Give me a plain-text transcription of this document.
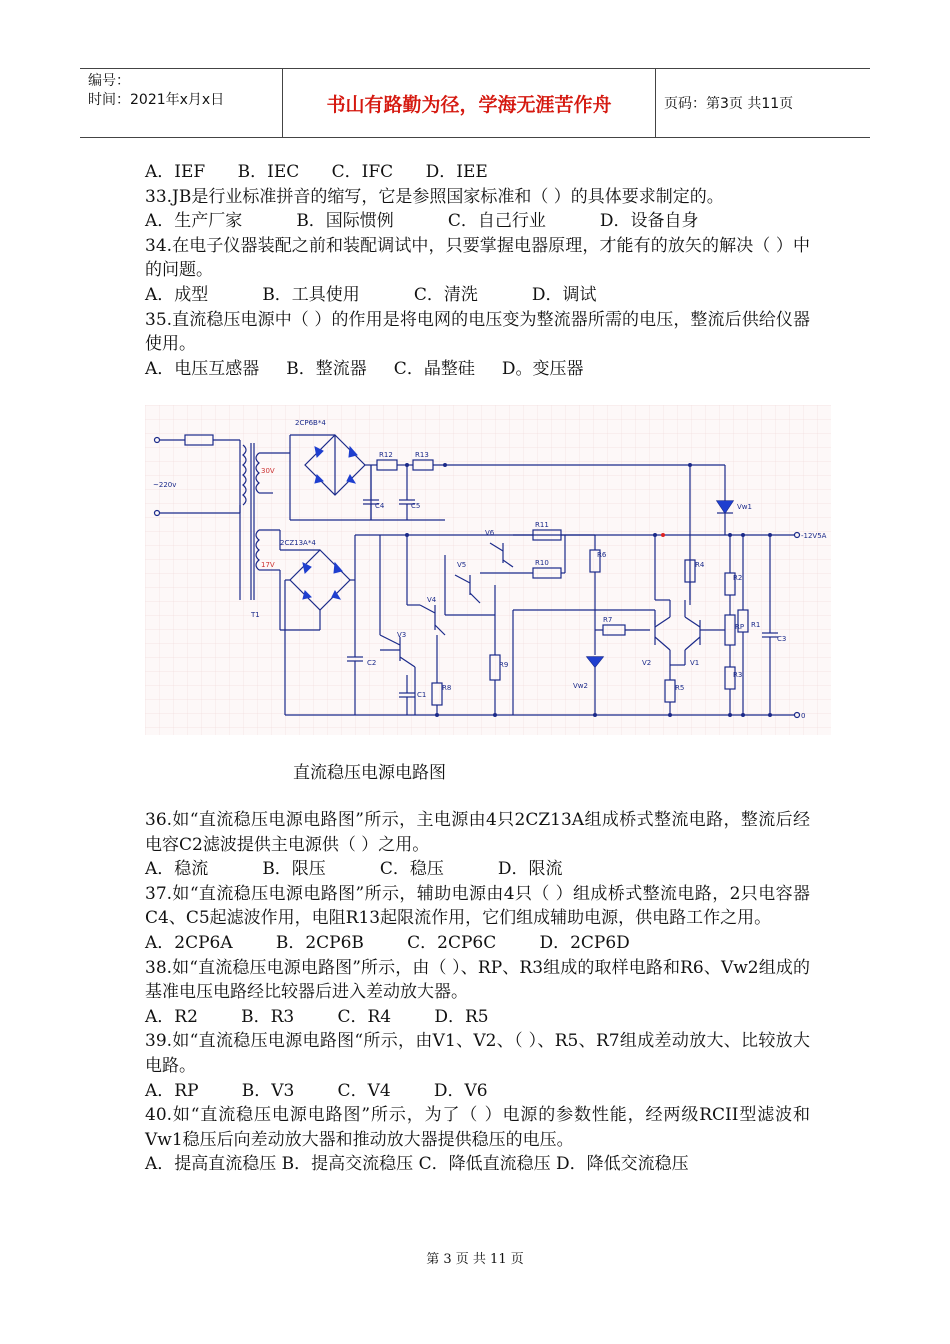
编号：
时间：2021年x月x日	书山有路勤为径，学海无涯苦作舟	页码：第3页 共11页

A．IEF      B．IEC      C．IFC      D．IEE

33.JB是行业标准拼音的缩写，它是参照国家标准和（ ）的具体要求制定的。

A．生产厂家          B．国际惯例          C．自己行业          D．设备自身

34.在电子仪器装配之前和装配调试中，只要掌握电器原理，才能有的放矢的解决（ ）中的问题。

A．成型          B．工具使用          C．清洗          D．调试

35.直流稳压电源中（ ）的作用是将电网的电压变为整流器所需的电压，整流后供给仪器使用。

A．电压互感器     B．整流器     C．晶整硅     D。变压器

~220v
2CP6B*4
2CZ13A*4
30V
17V
T1
-12V5A
0
R12	R13
C4	C5
R11
R10
R6
R4
R2
R1
R3
R5
R7
R8
R9
RP
C1
C2
C3
V1
V2
V3
V4
V5
V6
Vw1
Vw2
直流稳压电源电路图

36.如“直流稳压电源电路图”所示，主电源由4只2CZ13A组成桥式整流电路，整流后经电容C2滤波提供主电源供（ ）之用。

A．稳流          B．限压          C．稳压          D．限流

37.如“直流稳压电源电路图”所示，辅助电源由4只（ ）组成桥式整流电路，2只电容器C4、C5起滤波作用，电阻R13起限流作用，它们组成辅助电源，供电路工作之用。

A．2CP6A        B．2CP6B        C．2CP6C        D．2CP6D

38.如“直流稳压电源电路图”所示，由（ ）、RP、R3组成的取样电路和R6、Vw2组成的基准电压电路经比较器后进入差动放大器。

A．R2        B．R3        C．R4        D．R5

39.如“直流稳压电源电路图“所示，由V1、V2、（ ）、R5、R7组成差动放大、比较放大电路。

A．RP        B．V3        C．V4        D．V6

40.如“直流稳压电源电路图”所示，为了（ ）电源的参数性能，经两级RCII型滤波和Vw1稳压后向差动放大器和推动放大器提供稳压的电压。

A．提高直流稳压 B．提高交流稳压 C．降低直流稳压 D．降低交流稳压

第 3 页 共 11 页
